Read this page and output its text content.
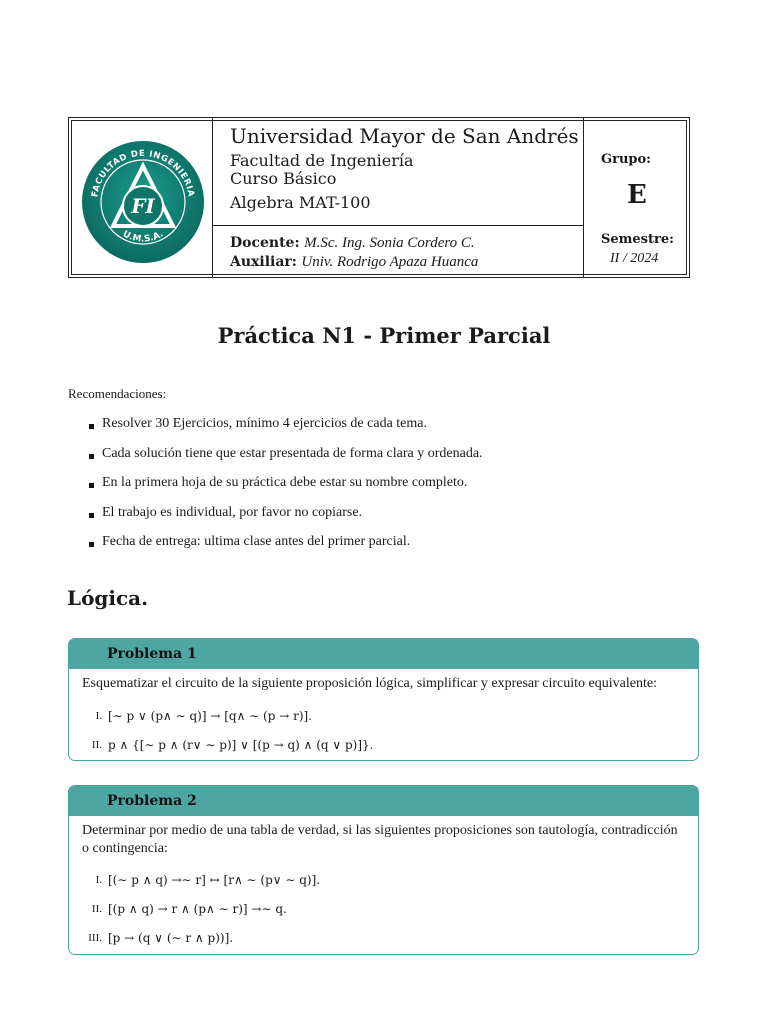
FACULTAD DE INGENIERIA
U.M.S.A.
FI
Universidad Mayor de San Andrés
Facultad de Ingeniería
Curso Básico
Algebra MAT-100
Docente: M.Sc. Ing. Sonia Cordero C.
Auxiliar: Univ. Rodrigo Apaza Huanca
Grupo:
E
Semestre:
II / 2024
Práctica N1 - Primer Parcial
Recomendaciones:
Resolver 30 Ejercicios, mínimo 4 ejercicios de cada tema.
Cada solución tiene que estar presentada de forma clara y ordenada.
En la primera hoja de su práctica debe estar su nombre completo.
El trabajo es individual, por favor no copiarse.
Fecha de entrega: ultima clase antes del primer parcial.
Lógica.
Problema 1
Esquematizar el circuito de la siguiente proposición lógica, simplificar y expresar circuito equivalente:
I. [∼ p ∨ (p∧ ∼ q)] → [q∧ ∼ (p → r)].
II. p ∧ {[∼ p ∧ (r∨ ∼ p)] ∨ [(p → q) ∧ (q ∨ p)]}.
Problema 2
Determinar por medio de una tabla de verdad, si las siguientes proposiciones son tautología, contradicción o contingencia:
I. [(∼ p ∧ q) →∼ r] ↔ [r∧ ∼ (p∨ ∼ q)].
II. [(p ∧ q) → r ∧ (p∧ ∼ r)] →∼ q.
III. [p → (q ∨ (∼ r ∧ p))].
